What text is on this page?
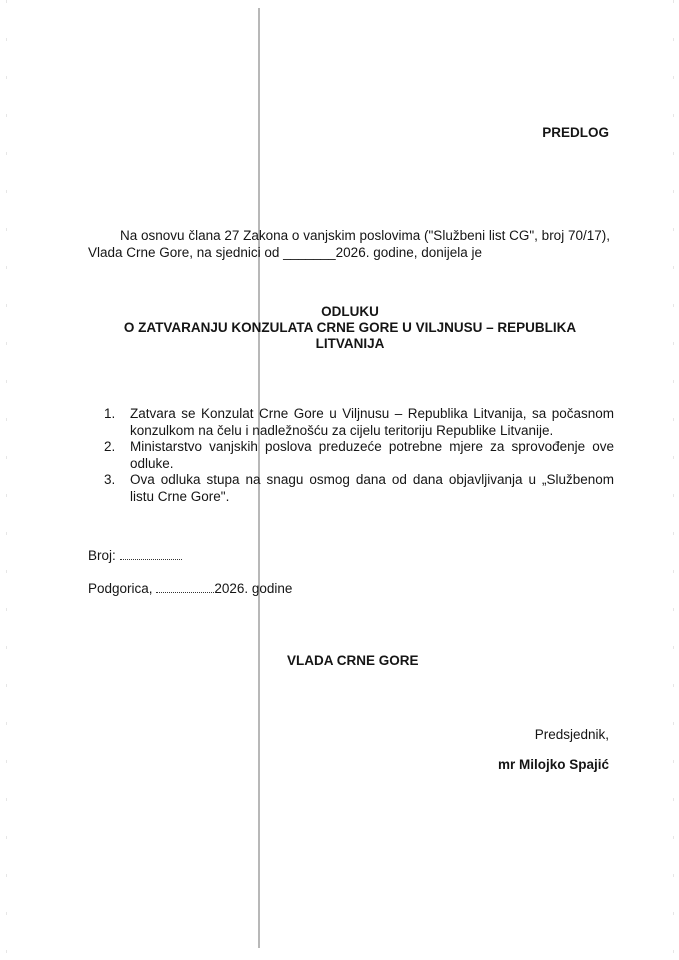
PREDLOG

Na osnovu člana 27 Zakona o vanjskim poslovima ("Službeni list CG", broj 70/17),

Vlada Crne Gore, na sjednici od _______2026. godine, donijela je

ODLUKU
O ZATVARANJU KONZULATA CRNE GORE U VILJNUSU – REPUBLIKA
LITVANIJA
1. Zatvara se Konzulat Crne Gore u Viljnusu – Republika Litvanija, sa počasnom konzulkom na čelu i nadležnošću za cijelu teritoriju Republike Litvanije.
2. Ministarstvo vanjskih poslova preduzeće potrebne mjere za sprovođenje ove odluke.
3. Ova odluka stupa na snagu osmog dana od dana objavljivanja u „Službenom listu Crne Gore".
Broj:
Podgorica,	2026. godine
VLADA CRNE GORE
Predsjednik,
mr Milojko Spajić
